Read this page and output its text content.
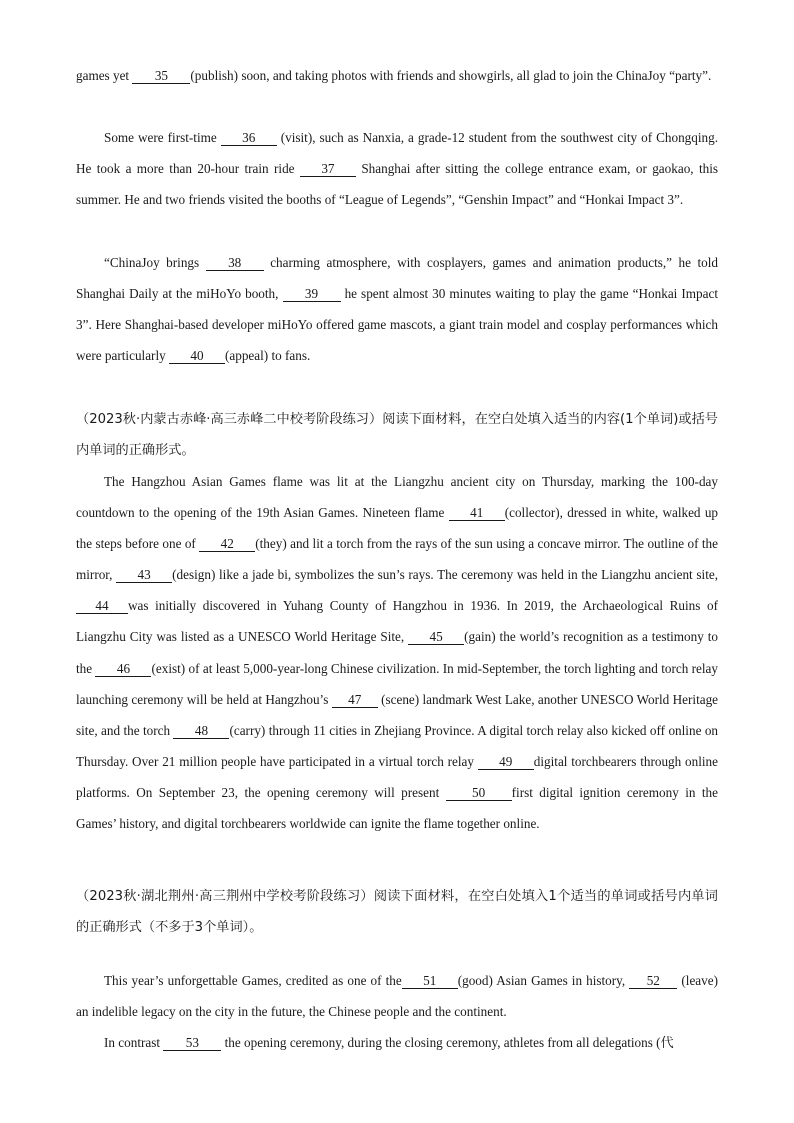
games yet 35 (publish) soon, and taking photos with friends and showgirls, all glad to join the ChinaJoy “party”.

Some were first-time 36 (visit), such as Nanxia, a grade-12 student from the southwest city of Chongqing. He took a more than 20-hour train ride 37 Shanghai after sitting the college entrance exam, or gaokao, this summer. He and two friends visited the booths of “League of Legends”, “Genshin Impact” and “Honkai Impact 3”.

“ChinaJoy brings 38 charming atmosphere, with cosplayers, games and animation products,” he told Shanghai Daily at the miHoYo booth, 39 he spent almost 30 minutes waiting to play the game “Honkai Impact 3”. Here Shanghai-based developer miHoYo offered game mascots, a giant train model and cosplay performances which were particularly 40 (appeal) to fans.

（2023秋·内蒙古赤峰·高三赤峰二中校考阶段练习）阅读下面材料，在空白处填入适当的内容(1个单词)或括号内单词的正确形式。

The Hangzhou Asian Games flame was lit at the Liangzhu ancient city on Thursday, marking the 100-day countdown to the opening of the 19th Asian Games. Nineteen flame 41 (collector), dressed in white, walked up the steps before one of 42 (they) and lit a torch from the rays of the sun using a concave mirror. The outline of the mirror, 43 (design) like a jade bi, symbolizes the sun’s rays. The ceremony was held in the Liangzhu ancient site,44 was initially discovered in Yuhang County of Hangzhou in 1936. In 2019, the Archaeological Ruins of Liangzhu City was listed as a UNESCO World Heritage Site, 45 (gain) the world’s recognition as a testimony to the 46 (exist) of at least 5,000-year-long Chinese civilization. In mid-September, the torch lighting and torch relay launching ceremony will be held at Hangzhou’s 47 (scene) landmark West Lake, another UNESCO World Heritage site, and the torch 48 (carry) through 11 cities in Zhejiang Province. A digital torch relay also kicked off online on Thursday. Over 21 million people have participated in a virtual torch relay 49 digital torchbearers through online platforms. On September 23, the opening ceremony will present 50 first digital ignition ceremony in the Games’ history, and digital torchbearers worldwide can ignite the flame together online.

（2023秋·湖北荆州·高三荆州中学校考阶段练习）阅读下面材料，在空白处填入1个适当的单词或括号内单词的正确形式（不多于3个单词）。

This year’s unforgettable Games, credited as one of the 51 (good) Asian Games in history, 52 (leave) an indelible legacy on the city in the future, the Chinese people and the continent.

In contrast 53 the opening ceremony, during the closing ceremony, athletes from all delegations (代
